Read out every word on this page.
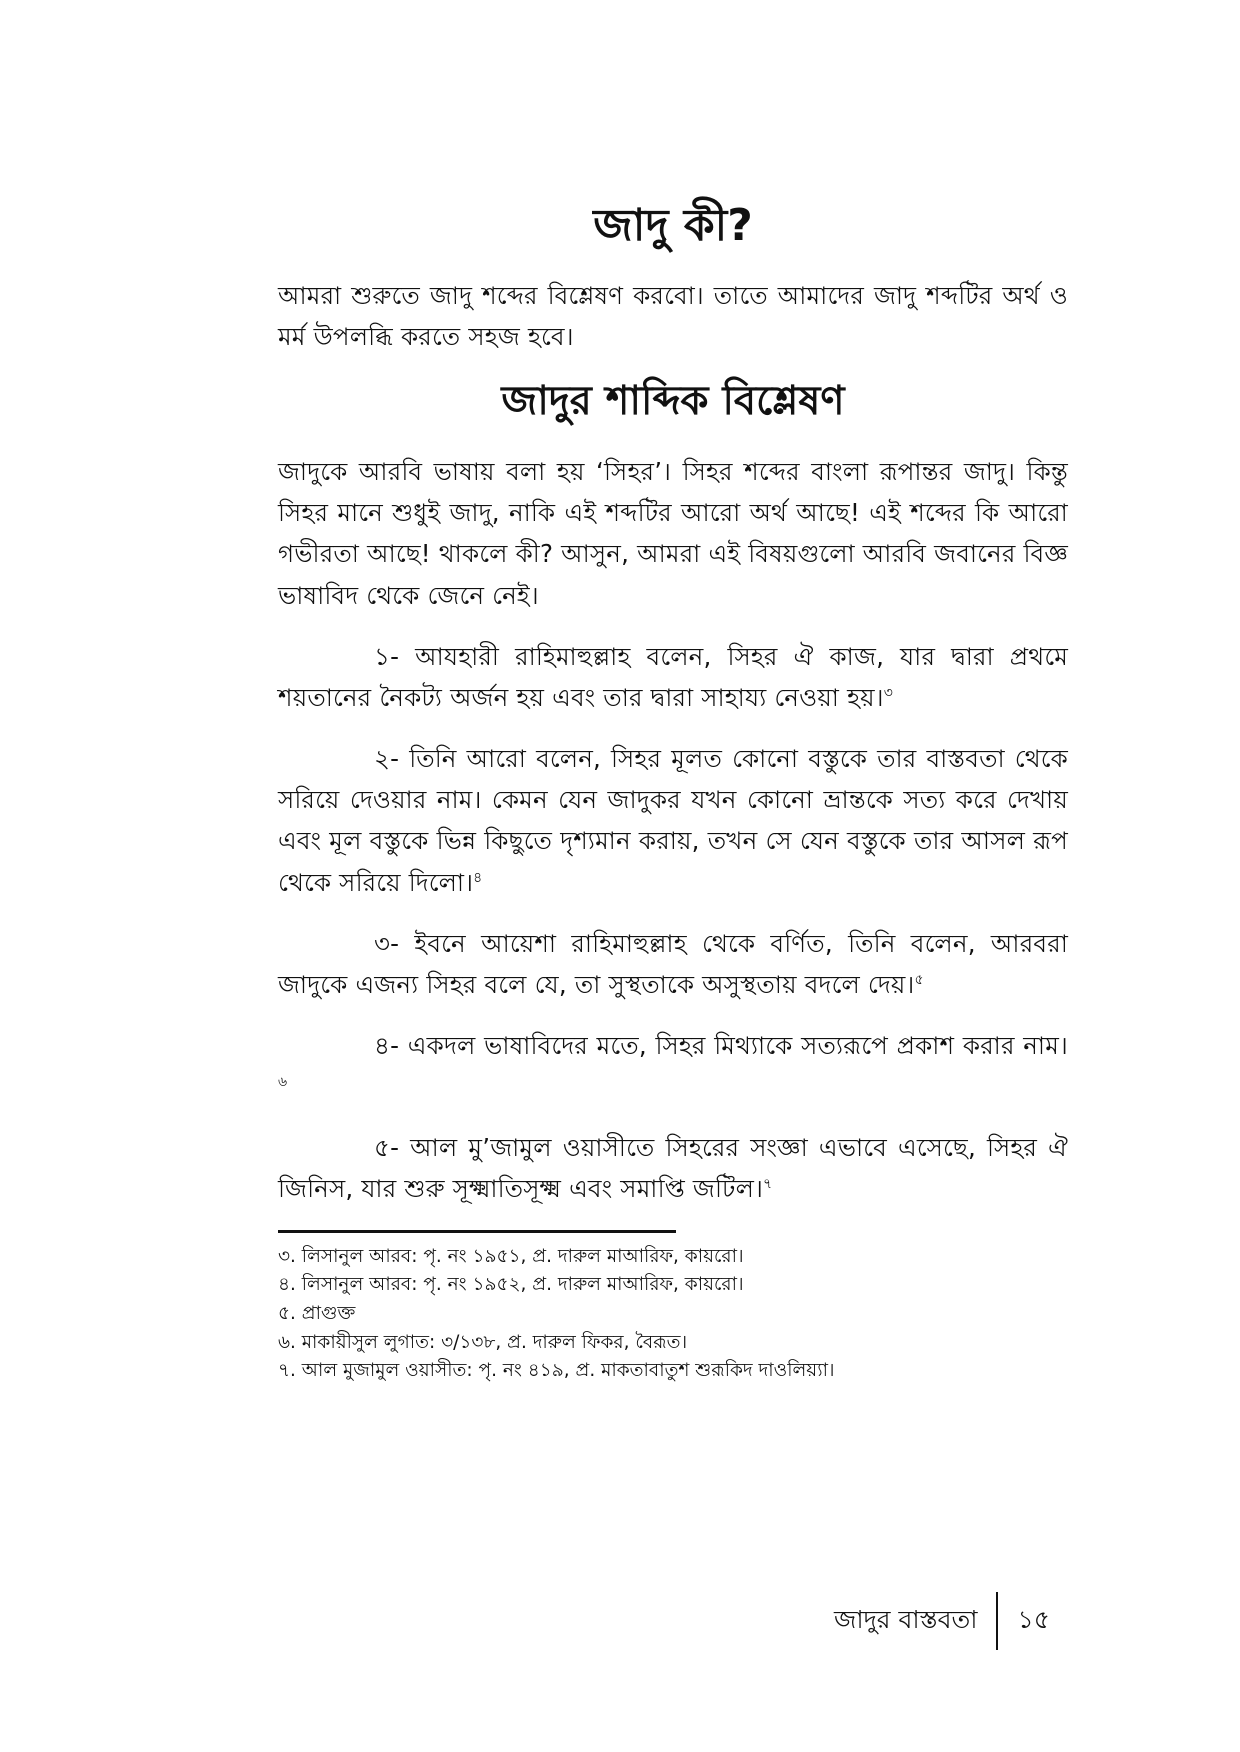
জাদু কী?

আমরা শুরুতে জাদু শব্দের বিশ্লেষণ করবো। তাতে আমাদের জাদু শব্দটির অর্থ ও মর্ম উপলব্ধি করতে সহজ হবে।

জাদুর শাব্দিক বিশ্লেষণ

জাদুকে আরবি ভাষায় বলা হয় ‘সিহর’। সিহর শব্দের বাংলা রূপান্তর জাদু। কিন্তু সিহর মানে শুধুই জাদু, নাকি এই শব্দটির আরো অর্থ আছে! এই শব্দের কি আরো গভীরতা আছে! থাকলে কী? আসুন, আমরা এই বিষয়গুলো আরবি জবানের বিজ্ঞ ভাষাবিদ থেকে জেনে নেই।

১- আযহারী রাহিমাহুল্লাহ বলেন, সিহর ঐ কাজ, যার দ্বারা প্রথমে শয়তানের নৈকট্য অর্জন হয় এবং তার দ্বারা সাহায্য নেওয়া হয়।$^৩$

২- তিনি আরো বলেন, সিহর মূলত কোনো বস্তুকে তার বাস্তবতা থেকে সরিয়ে দেওয়ার নাম। কেমন যেন জাদুকর যখন কোনো ভ্রান্তকে সত্য করে দেখায় এবং মূল বস্তুকে ভিন্ন কিছুতে দৃশ্যমান করায়, তখন সে যেন বস্তুকে তার আসল রূপ থেকে সরিয়ে দিলো।$^৪$

৩- ইবনে আয়েশা রাহিমাহুল্লাহ থেকে বর্ণিত, তিনি বলেন, আরবরা জাদুকে এজন্য সিহর বলে যে, তা সুস্থতাকে অসুস্থতায় বদলে দেয়।$^৫$

৪- একদল ভাষাবিদের মতে, সিহর মিথ্যাকে সত্যরূপে প্রকাশ করার নাম।$^৬$

৫- আল মু’জামুল ওয়াসীতে সিহরের সংজ্ঞা এভাবে এসেছে, সিহর ঐ জিনিস, যার শুরু সূক্ষ্মাতিসূক্ষ্ম এবং সমাপ্তি জটিল।$^৭$

৩. লিসানুল আরব: পৃ. নং ১৯৫১, প্র. দারুল মাআরিফ, কায়রো।
৪. লিসানুল আরব: পৃ. নং ১৯৫২, প্র. দারুল মাআরিফ, কায়রো।
৫. প্রাগুক্ত
৬. মাকায়ীসুল লুগাত: ৩/১৩৮, প্র. দারুল ফিকর, বৈরূত।
৭. আল মুজামুল ওয়াসীত: পৃ. নং ৪১৯, প্র. মাকতাবাতুশ শুরূকিদ দাওলিয়্যা।
জাদুর বাস্তবতা	১৫
